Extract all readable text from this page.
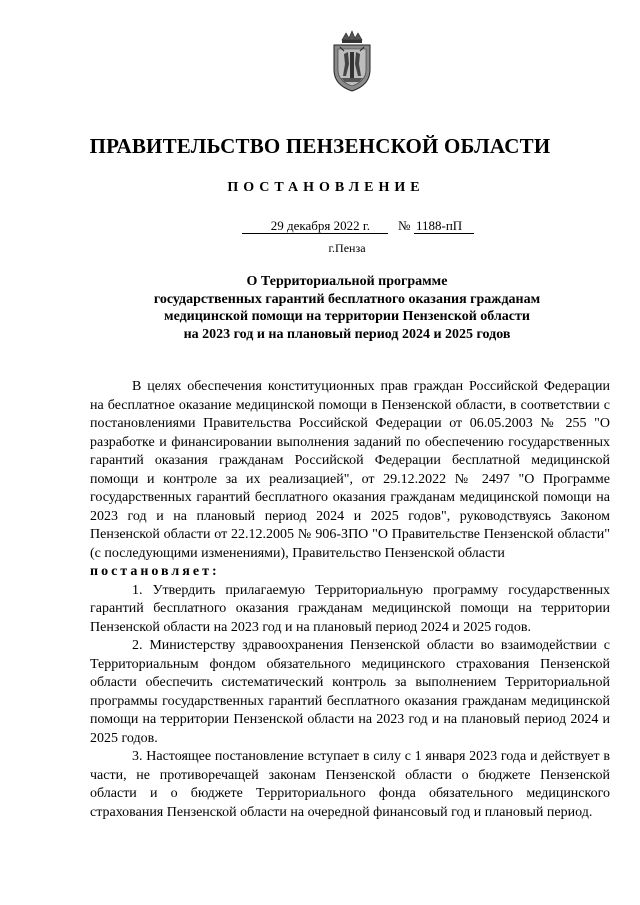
ПРАВИТЕЛЬСТВО ПЕНЗЕНСКОЙ ОБЛАСТИ
ПОСТАНОВЛЕНИЕ
29 декабря 2022 г.	№ 1188-пП
г.Пенза
О Территориальной программе
государственных гарантий бесплатного оказания гражданам
медицинской помощи на территории Пензенской области
на 2023 год и на плановый период 2024 и 2025 годов

В целях обеспечения конституционных прав граждан Российской Федерации на бесплатное оказание медицинской помощи в Пензенской области, в соответствии с постановлениями Правительства Российской Федерации от 06.05.2003 № 255 "О разработке и финансировании выполнения заданий по обеспечению государственных гарантий оказания гражданам Российской Федерации бесплатной медицинской помощи и контроле за их реализацией", от 29.12.2022 № 2497 "О Программе государственных гарантий бесплатного оказания гражданам медицинской помощи на 2023 год и на плановый период 2024 и 2025 годов", руководствуясь Законом Пензенской области от 22.12.2005 № 906-ЗПО "О Правительстве Пензенской области" (с последующими изменениями), Правительство Пензенской области

постановляет:

1. Утвердить прилагаемую Территориальную программу государственных гарантий бесплатного оказания гражданам медицинской помощи на территории Пензенской области на 2023 год и на плановый период 2024 и 2025 годов.

2. Министерству здравоохранения Пензенской области во взаимодействии с Территориальным фондом обязательного медицинского страхования Пензенской области обеспечить систематический контроль за выполнением Территориальной программы государственных гарантий бесплатного оказания гражданам медицинской помощи на территории Пензенской области на 2023 год и на плановый период 2024 и 2025 годов.

3. Настоящее постановление вступает в силу с 1 января 2023 года и действует в части, не противоречащей законам Пензенской области о бюджете Пензенской области и о бюджете Территориального фонда обязательного медицинского страхования Пензенской области на очередной финансовый год и плановый период.
